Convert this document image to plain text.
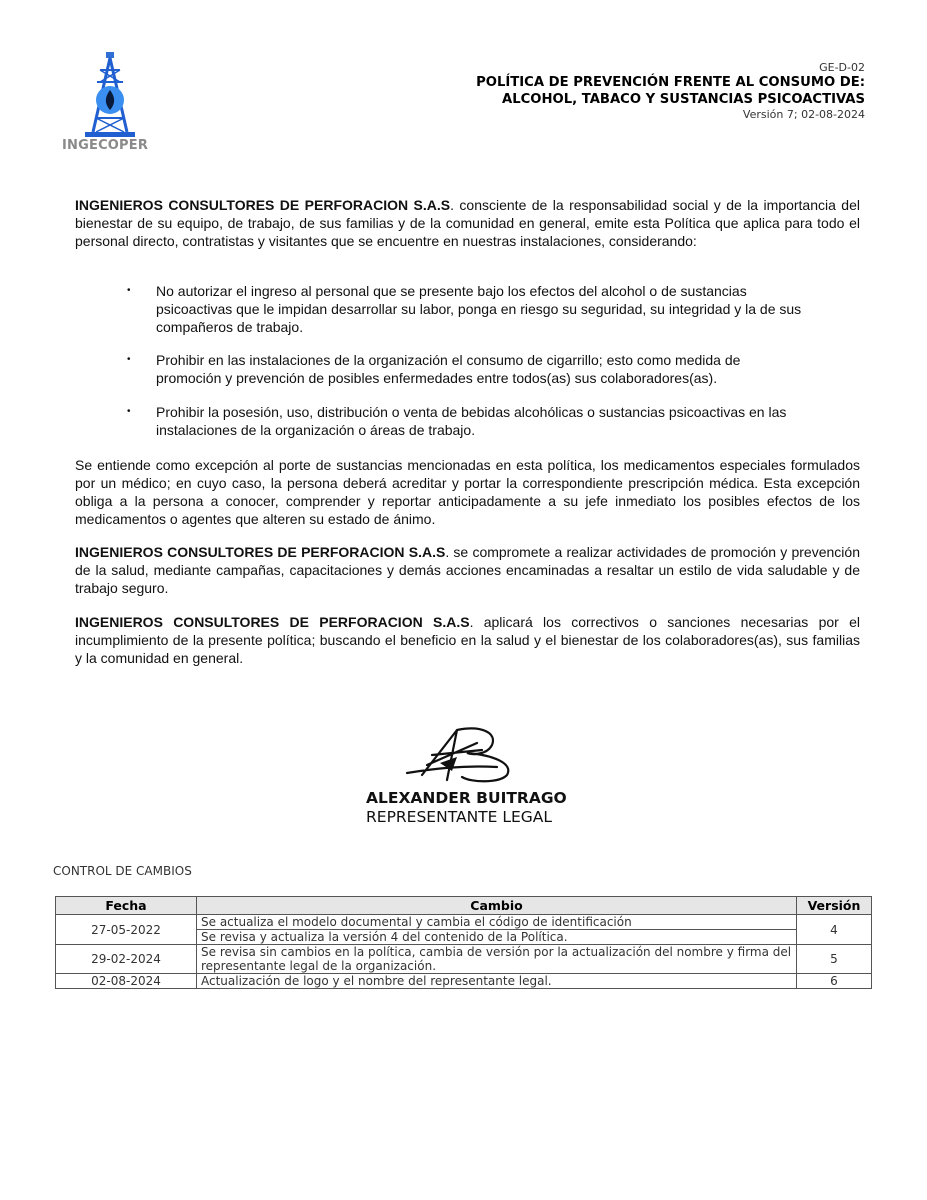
INGECOPER
GE-D-02
POLÍTICA DE PREVENCIÓN FRENTE AL CONSUMO DE:
ALCOHOL, TABACO Y SUSTANCIAS PSICOACTIVAS
Versión 7; 02-08-2024
INGENIEROS CONSULTORES DE PERFORACION S.A.S. consciente de la responsabilidad social y de la importancia del bienestar de su equipo, de trabajo, de sus familias y de la comunidad en general, emite esta Política que aplica para todo el personal directo, contratistas y visitantes que se encuentre en nuestras instalaciones, considerando:
• No autorizar el ingreso al personal que se presente bajo los efectos del alcohol o de sustancias psicoactivas que le impidan desarrollar su labor, ponga en riesgo su seguridad, su integridad y la de sus compañeros de trabajo.
• Prohibir en las instalaciones de la organización el consumo de cigarrillo; esto como medida de promoción y prevención de posibles enfermedades entre todos(as) sus colaboradores(as).
• Prohibir la posesión, uso, distribución o venta de bebidas alcohólicas o sustancias psicoactivas en las instalaciones de la organización o áreas de trabajo.
Se entiende como excepción al porte de sustancias mencionadas en esta política, los medicamentos especiales formulados por un médico; en cuyo caso, la persona deberá acreditar y portar la correspondiente prescripción médica. Esta excepción obliga a la persona a conocer, comprender y reportar anticipadamente a su jefe inmediato los posibles efectos de los medicamentos o agentes que alteren su estado de ánimo.
INGENIEROS CONSULTORES DE PERFORACION S.A.S. se compromete a realizar actividades de promoción y prevención de la salud, mediante campañas, capacitaciones y demás acciones encaminadas a resaltar un estilo de vida saludable y de trabajo seguro.
INGENIEROS CONSULTORES DE PERFORACION S.A.S. aplicará los correctivos o sanciones necesarias por el incumplimiento de la presente política; buscando el beneficio en la salud y el bienestar de los colaboradores(as), sus familias y la comunidad en general.
ALEXANDER BUITRAGO
REPRESENTANTE LEGAL
CONTROL DE CAMBIOS
Fecha	Cambio	Versión
27-05-2022	Se actualiza el modelo documental y cambia el código de identificación	4
	Se revisa y actualiza la versión 4 del contenido de la Política.	
29-02-2024	Se revisa sin cambios en la política, cambia de versión por la actualización del nombre y firma del representante legal de la organización.	5
02-08-2024	Actualización de logo y el nombre del representante legal.	6
